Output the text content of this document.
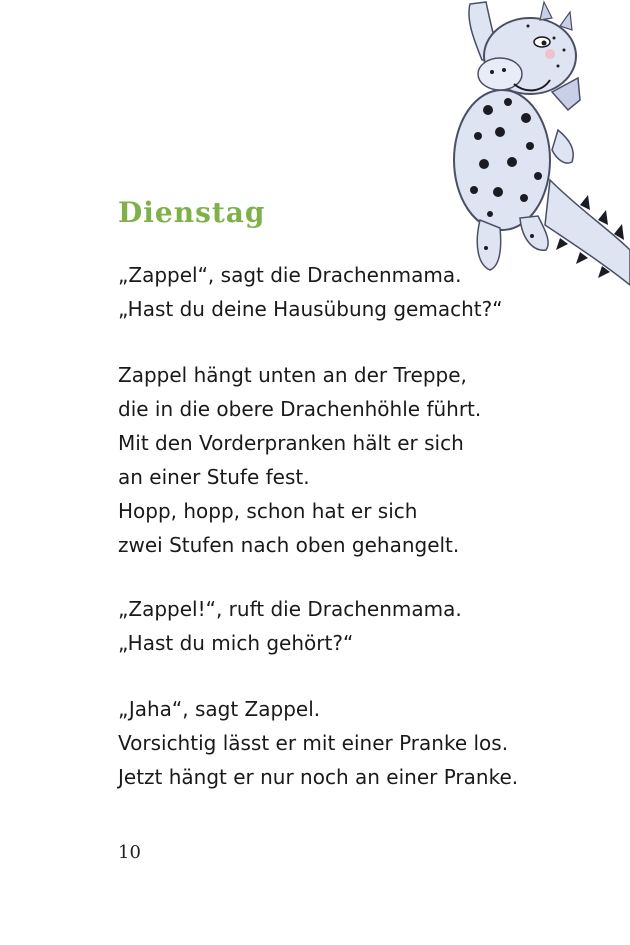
Dienstag

„Zappel“, sagt die Drachenmama.

„Hast du deine Hausübung gemacht?“

Zappel hängt unten an der Treppe,

die in die obere Drachenhöhle führt.

Mit den Vorderpranken hält er sich

an einer Stufe fest.

Hopp, hopp, schon hat er sich

zwei Stufen nach oben gehangelt.

„Zappel!“, ruft die Drachenmama.

„Hast du mich gehört?“

„Jaha“, sagt Zappel.

Vorsichtig lässt er mit einer Pranke los.

Jetzt hängt er nur noch an einer Pranke.

10
